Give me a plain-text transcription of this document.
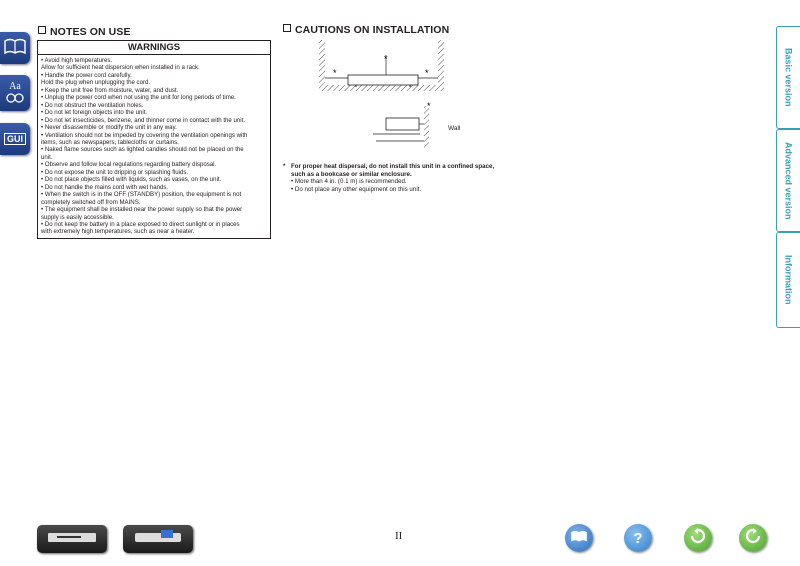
Aa
GUI
NOTES ON USE
WARNINGS
• Avoid high temperatures.
Allow for sufficient heat dispersion when installed in a rack.
• Handle the power cord carefully.
Hold the plug when unplugging the cord.
• Keep the unit free from moisture, water, and dust.
• Unplug the power cord when not using the unit for long periods of time.
• Do not obstruct the ventilation holes.
• Do not let foreign objects into the unit.
• Do not let insecticides, benzene, and thinner come in contact with the unit.
• Never disassemble or modify the unit in any way.
• Ventilation should not be impeded by covering the ventilation openings with
items, such as newspapers, tablecloths or curtains.
• Naked flame sources such as lighted candles should not be placed on the
unit.
• Observe and follow local regulations regarding battery disposal.
• Do not expose the unit to dripping or splashing fluids.
• Do not place objects filled with liquids, such as vases, on the unit.
• Do not handle the mains cord with wet hands.
• When the switch is in the OFF (STANDBY) position, the equipment is not
completely switched off from MAINS.
• The equipment shall be installed near the power supply so that the power
supply is easily accessible.
• Do not keep the battery in a place exposed to direct sunlight or in places
with extremely high temperatures, such as near a heater.
CAUTIONS ON INSTALLATION
*
*	*
*
Wall
* For proper heat dispersal, do not install this unit in a confined space,
such as a bookcase or similar enclosure.
• More than 4 in. (0.1 m) is recommended.
• Do not place any other equipment on this unit.
Basic version
Advanced version
Information
II	?
